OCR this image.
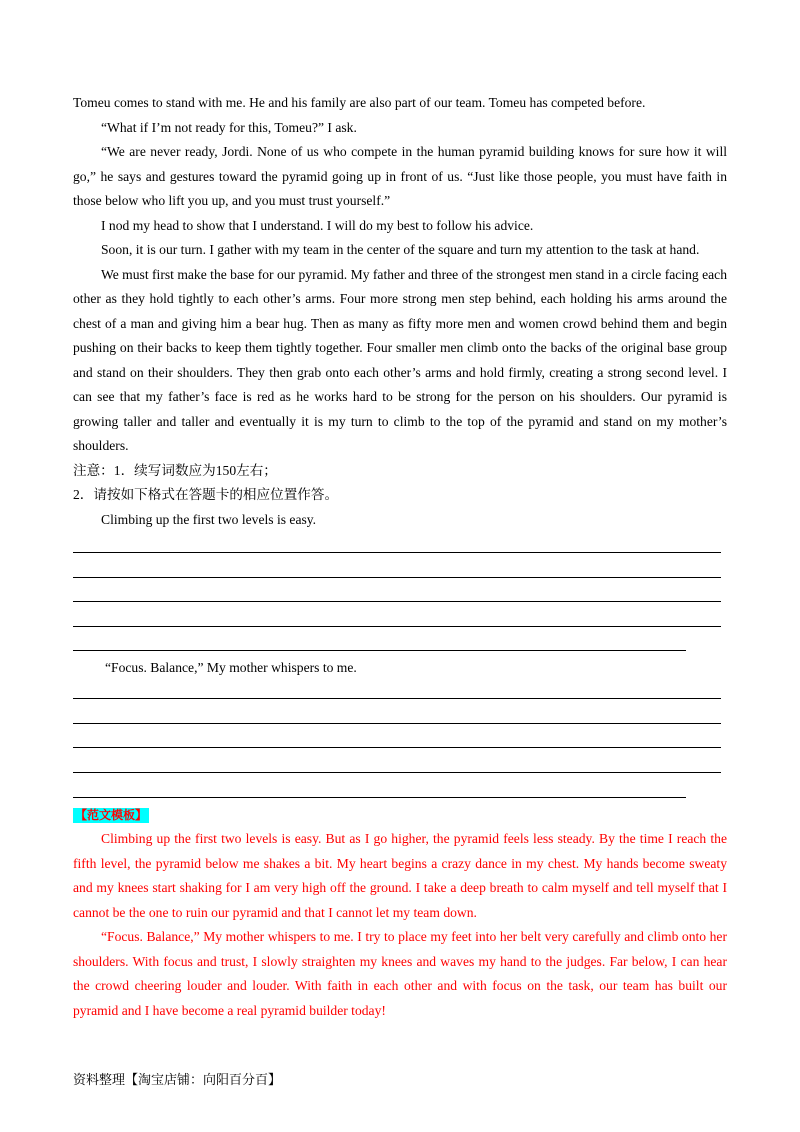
Tomeu comes to stand with me. He and his family are also part of our team. Tomeu has competed before.

“What if I’m not ready for this, Tomeu?” I ask.

“We are never ready, Jordi. None of us who compete in the human pyramid building knows for sure how it will go,” he says and gestures toward the pyramid going up in front of us. “Just like those people, you must have faith in those below who lift you up, and you must trust yourself.”

I nod my head to show that I understand. I will do my best to follow his advice.

Soon, it is our turn. I gather with my team in the center of the square and turn my attention to the task at hand.

We must first make the base for our pyramid. My father and three of the strongest men stand in a circle facing each other as they hold tightly to each other’s arms. Four more strong men step behind, each holding his arms around the chest of a man and giving him a bear hug. Then as many as fifty more men and women crowd behind them and begin pushing on their backs to keep them tightly together. Four smaller men climb onto the backs of the original base group and stand on their shoulders. They then grab onto each other’s arms and hold firmly, creating a strong second level. I can see that my father’s face is red as he works hard to be strong for the person on his shoulders. Our pyramid is growing taller and taller and eventually it is my turn to climb to the top of the pyramid and stand on my mother’s shoulders.

注意：1．续写词数应为150左右；

2．请按如下格式在答题卡的相应位置作答。

Climbing up the first two levels is easy.

“Focus. Balance,” My mother whispers to me.

【范文模板】

Climbing up the first two levels is easy. But as I go higher, the pyramid feels less steady. By the time I reach the fifth level, the pyramid below me shakes a bit. My heart begins a crazy dance in my chest. My hands become sweaty and my knees start shaking for I am very high off the ground. I take a deep breath to calm myself and tell myself that I cannot be the one to ruin our pyramid and that I cannot let my team down.

“Focus. Balance,” My mother whispers to me. I try to place my feet into her belt very carefully and climb onto her shoulders. With focus and trust, I slowly straighten my knees and waves my hand to the judges. Far below, I can hear the crowd cheering louder and louder. With faith in each other and with focus on the task, our team has built our pyramid and I have become a real pyramid builder today!

资料整理【淘宝店铺：向阳百分百】
